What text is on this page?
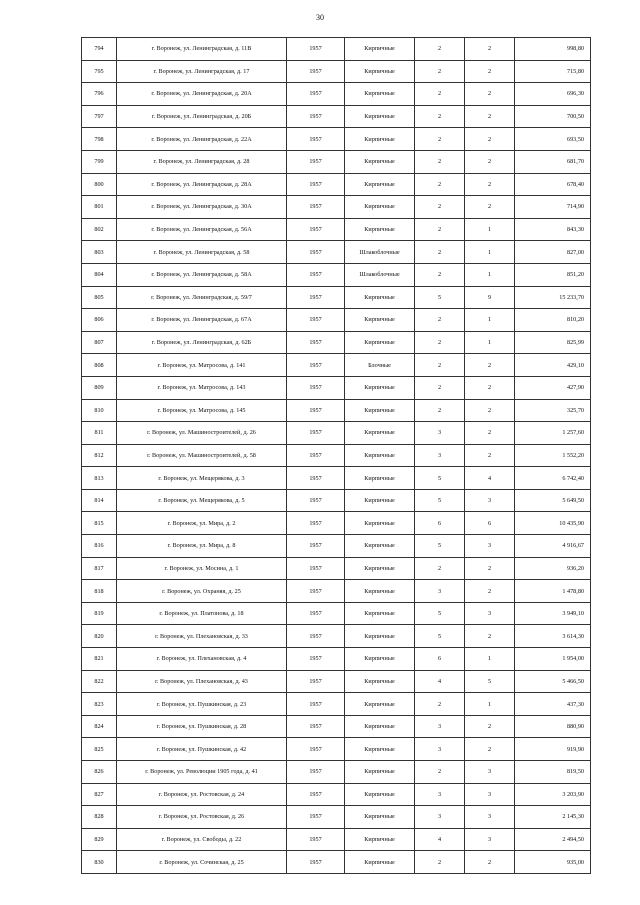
30
794	г. Воронеж, ул. Ленинградская, д. 11В	1957	Кирпичные	2	2	998,80
795	г. Воронеж, ул. Ленинградская, д. 17	1957	Кирпичные	2	2	715,80
796	г. Воронеж, ул. Ленинградская, д. 20А	1957	Кирпичные	2	2	696,30
797	г. Воронеж, ул. Ленинградская, д. 20Б	1957	Кирпичные	2	2	700,50
798	г. Воронеж, ул. Ленинградская, д. 22А	1957	Кирпичные	2	2	693,50
799	г. Воронеж, ул. Ленинградская, д. 28	1957	Кирпичные	2	2	681,70
800	г. Воронеж, ул. Ленинградская, д. 28А	1957	Кирпичные	2	2	678,40
801	г. Воронеж, ул. Ленинградская, д. 30А	1957	Кирпичные	2	2	714,90
802	г. Воронеж, ул. Ленинградская, д. 56А	1957	Кирпичные	2	1	843,30
803	г. Воронеж, ул. Ленинградская, д. 58	1957	Шлакоблочные	2	1	827,00
804	г. Воронеж, ул. Ленинградская, д. 58А	1957	Шлакоблочные	2	1	851,20
805	г. Воронеж, ул. Ленинградская, д. 59/7	1957	Кирпичные	5	9	15 233,70
806	г. Воронеж, ул. Ленинградская, д. 67А	1957	Кирпичные	2	1	810,20
807	г. Воронеж, ул. Ленинградская, д. 62Б	1957	Кирпичные	2	1	825,99
808	г. Воронеж, ул. Матросова, д. 141	1957	Блочные	2	2	429,10
809	г. Воронеж, ул. Матросова, д. 143	1957	Кирпичные	2	2	427,90
810	г. Воронеж, ул. Матросова, д. 145	1957	Кирпичные	2	2	325,70
811	г. Воронеж, ул. Машиностроителей, д. 26	1957	Кирпичные	3	2	1 257,60
812	г. Воронеж, ул. Машиностроителей, д. 58	1957	Кирпичные	3	2	1 552,20
813	г. Воронеж, ул. Мещерякова, д. 3	1957	Кирпичные	5	4	6 742,40
814	г. Воронеж, ул. Мещерякова, д. 5	1957	Кирпичные	5	3	5 649,50
815	г. Воронеж, ул. Мира, д. 2	1957	Кирпичные	6	6	10 435,90
816	г. Воронеж, ул. Мира, д. 8	1957	Кирпичные	5	3	4 916,67
817	г. Воронеж, ул. Мосина, д. 1	1957	Кирпичные	2	2	936,20
818	г. Воронеж, ул. Охраняя, д. 25	1957	Кирпичные	3	2	1 478,80
819	г. Воронеж, ул. Платонова, д. 18	1957	Кирпичные	5	3	3 949,10
820	г. Воронеж, ул. Плехановская, д. 33	1957	Кирпичные	5	2	3 614,30
821	г. Воронеж, ул. Плехановская, д. 4	1957	Кирпичные	6	1	1 954,00
822	г. Воронеж, ул. Плехановская, д. 43	1957	Кирпичные	4	5	5 466,50
823	г. Воронеж, ул. Пушкинская, д. 23	1957	Кирпичные	2	1	437,30
824	г. Воронеж, ул. Пушкинская, д. 28	1957	Кирпичные	3	2	880,90
825	г. Воронеж, ул. Пушкинская, д. 42	1957	Кирпичные	3	2	919,90
826	г. Воронеж, ул. Революции 1905 года, д. 41	1957	Кирпичные	2	3	819,50
827	г. Воронеж, ул. Ростовская, д. 24	1957	Кирпичные	3	3	3 203,90
828	г. Воронеж, ул. Ростовская, д. 26	1957	Кирпичные	3	3	2 145,30
829	г. Воронеж, ул. Свободы, д. 22	1957	Кирпичные	4	3	2 494,50
830	г. Воронеж, ул. Сочинская, д. 25	1957	Кирпичные	2	2	935,00
